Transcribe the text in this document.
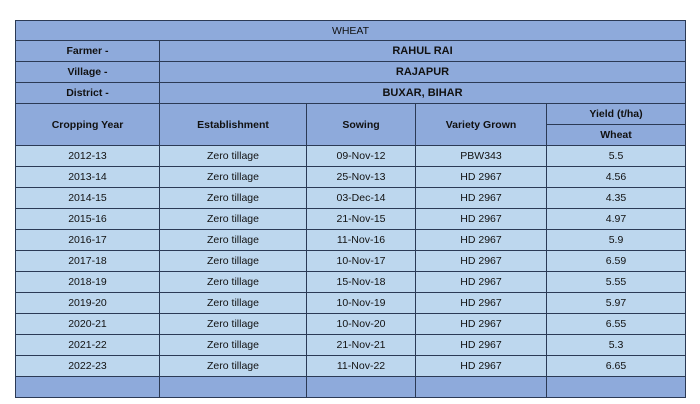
WHEAT				
Farmer -	RAHUL RAI			
Village -	RAJAPUR			
District -	BUXAR, BIHAR			
Cropping Year	Establishment	Sowing	Variety Grown	Yield (t/ha)
				Wheat
2012-13	Zero tillage	09-Nov-12	PBW343	5.5
2013-14	Zero tillage	25-Nov-13	HD 2967	4.56
2014-15	Zero tillage	03-Dec-14	HD 2967	4.35
2015-16	Zero tillage	21-Nov-15	HD 2967	4.97
2016-17	Zero tillage	11-Nov-16	HD 2967	5.9
2017-18	Zero tillage	10-Nov-17	HD 2967	6.59
2018-19	Zero tillage	15-Nov-18	HD 2967	5.55
2019-20	Zero tillage	10-Nov-19	HD 2967	5.97
2020-21	Zero tillage	10-Nov-20	HD 2967	6.55
2021-22	Zero tillage	21-Nov-21	HD 2967	5.3
2022-23	Zero tillage	11-Nov-22	HD 2967	6.65
